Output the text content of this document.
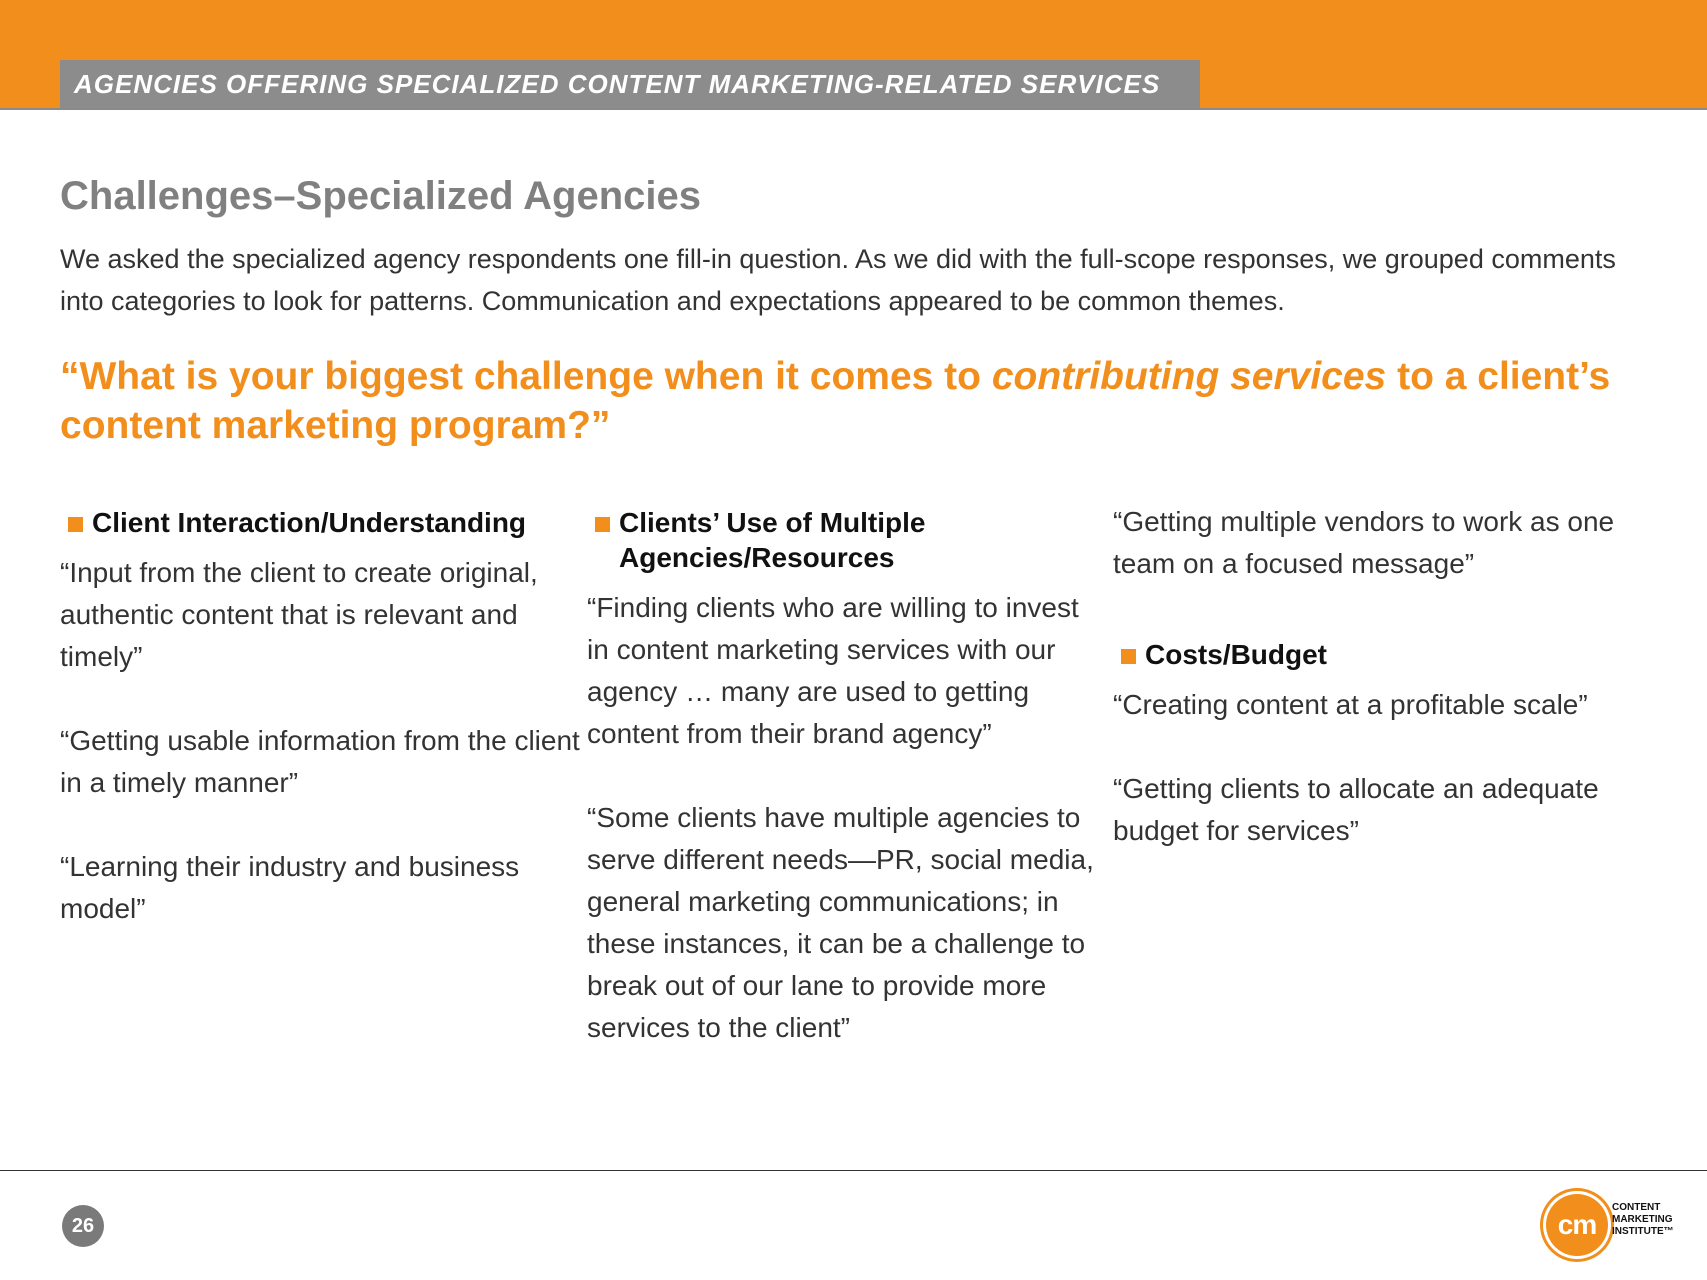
AGENCIES OFFERING SPECIALIZED CONTENT MARKETING-RELATED SERVICES
Challenges–Specialized Agencies

We asked the specialized agency respondents one fill-in question. As we did with the full-scope responses, we grouped comments into categories to look for patterns. Communication and expectations appeared to be common themes.

“What is your biggest challenge when it comes to contributing services to a client’s content marketing program?”

Client Interaction/Understanding

“Input from the client to create original, authentic content that is relevant and timely”

“Getting usable information from the client in a timely manner”

“Learning their industry and business model”

Clients’ Use of Multiple Agencies/Resources

“Finding clients who are willing to invest in content marketing services with our agency … many are used to getting content from their brand agency”

“Some clients have multiple agencies to serve different needs—PR, social media, general marketing communications; in these instances, it can be a challenge to break out of our lane to provide more services to the client”

“Getting multiple vendors to work as one team on a focused message”

Costs/Budget

“Creating content at a profitable scale”

“Getting clients to allocate an adequate budget for services”

26	cm
CONTENT
MARKETING
INSTITUTE™
